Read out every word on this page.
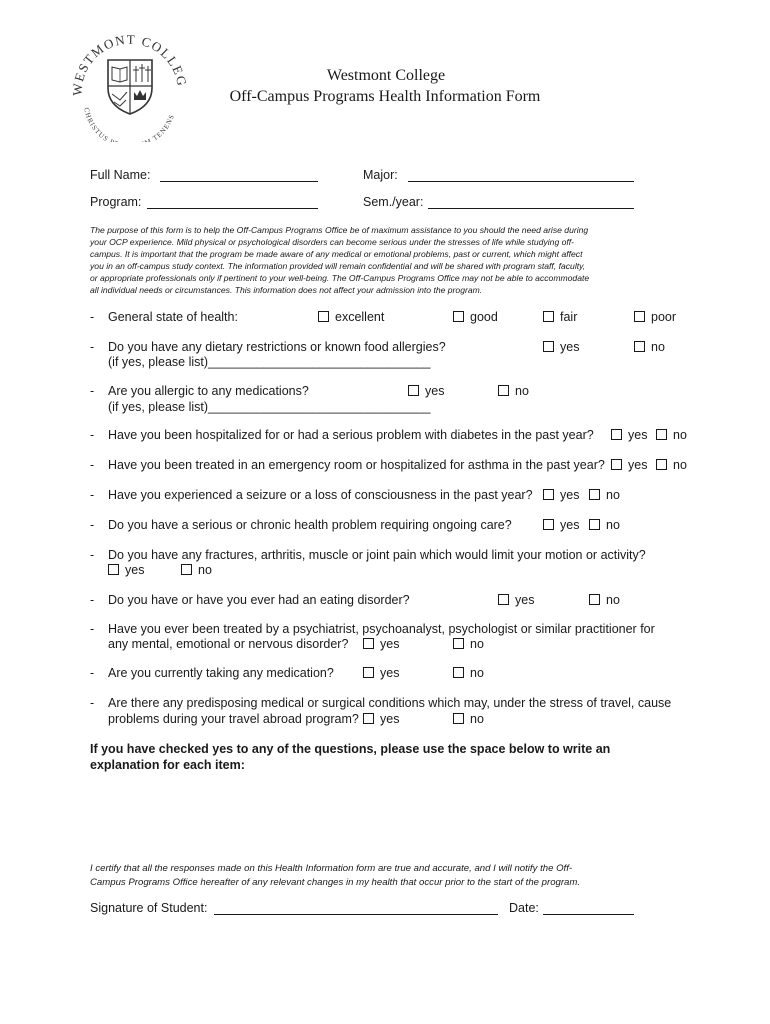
WESTMONT COLLEG
CHRISTUS M TENENS
Westmont College
Off-Campus Programs Health Information Form
Full Name:	Major:
Program:	Sem./year:
The purpose of this form is to help the Off-Campus Programs Office be of maximum assistance to you should the need arise during
your OCP experience. Mild physical or psychological disorders can become serious under the stresses of life while studying off-
campus. It is important that the program be made aware of any medical or emotional problems, past or current, which might affect
you in an off-campus study context. The information provided will remain confidential and will be shared with program staff, faculty,
or appropriate professionals only if pertinent to your well-being. The Off-Campus Programs Office may not be able to accommodate
all individual needs or circumstances. This information does not affect your admission into the program.
- General state of health:	excellent	good	fair	poor
- Do you have any dietary restrictions or known food allergies?
(if yes, please list)________________________________
yes	no
- Are you allergic to any medications?
(if yes, please list)________________________________
yes	no
- Have you been hospitalized for or had a serious problem with diabetes in the past year?	yes	no
- Have you been treated in an emergency room or hospitalized for asthma in the past year?	yes	no
- Have you experienced a seizure or a loss of consciousness in the past year?	yes	no
- Do you have a serious or chronic health problem requiring ongoing care?	yes	no
- Do you have any fractures, arthritis, muscle or joint pain which would limit your motion or activity?
yes	no
- Do you have or have you ever had an eating disorder?	yes	no
- Have you ever been treated by a psychiatrist, psychoanalyst, psychologist or similar practitioner for
any mental, emotional or nervous disorder?	yes	no
- Are you currently taking any medication?	yes	no
- Are there any predisposing medical or surgical conditions which may, under the stress of travel, cause
problems during your travel abroad program?	yes	no
If you have checked yes to any of the questions, please use the space below to write an
explanation for each item:
I certify that all the responses made on this Health Information form are true and accurate, and I will notify the Off-
Campus Programs Office hereafter of any relevant changes in my health that occur prior to the start of the program.
Signature of Student:	Date:
